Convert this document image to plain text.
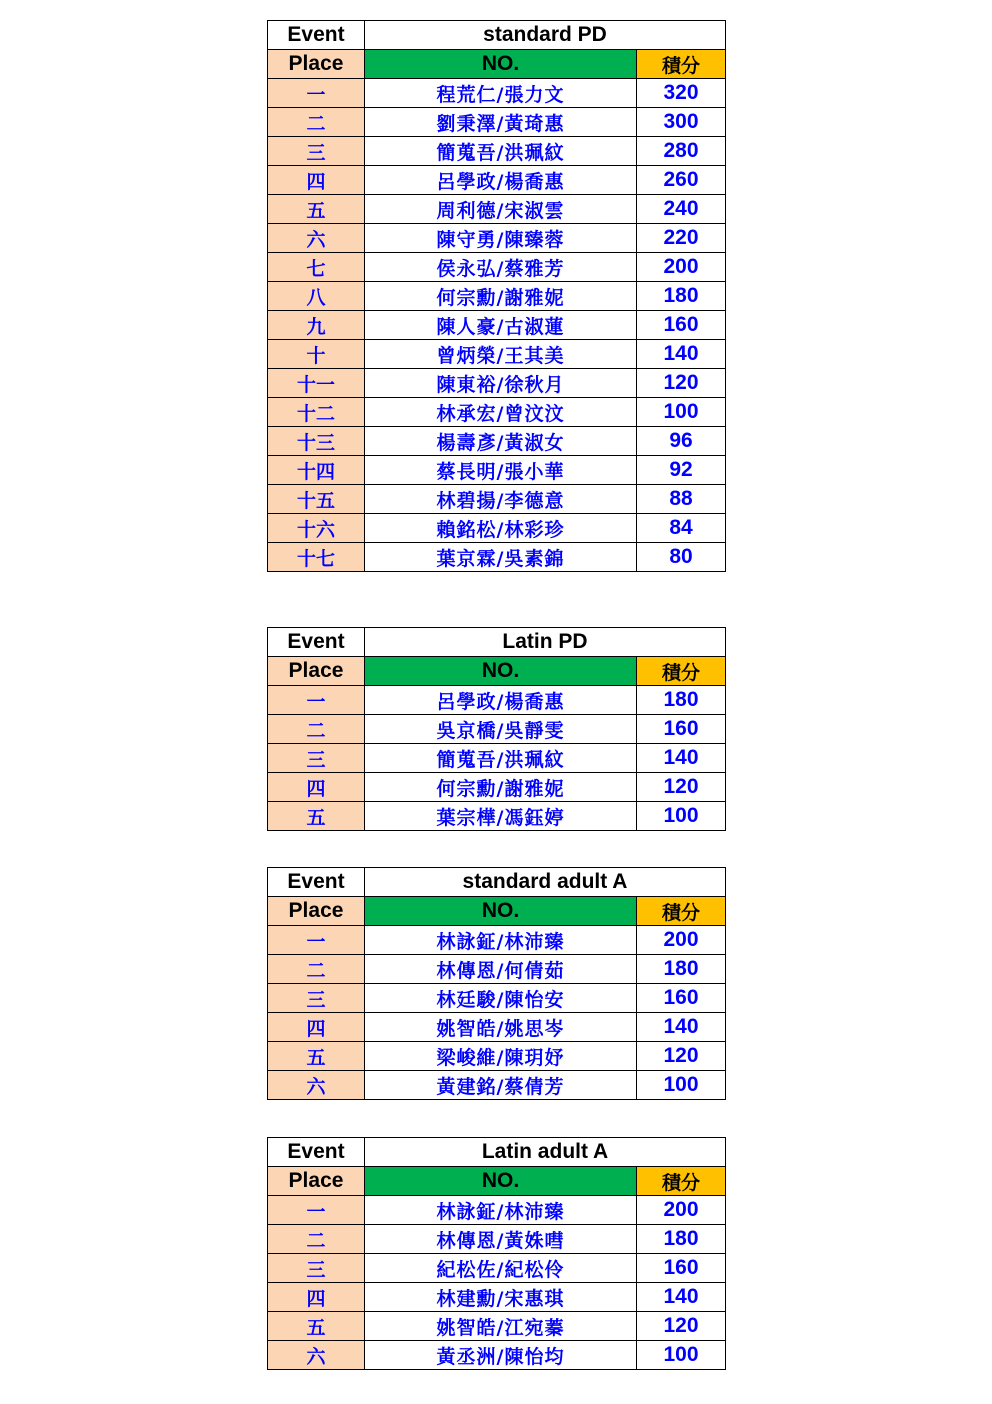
Event	standard PD	
Place	NO.	積分
一	程荒仁/張力文	320
二	劉秉澤/黃琦惠	300
三	簡蒐吾/洪珮紋	280
四	呂學政/楊喬惠	260
五	周利德/宋淑雲	240
六	陳守勇/陳臻蓉	220
七	侯永弘/蔡雅芳	200
八	何宗勳/謝雅妮	180
九	陳人豪/古淑蓮	160
十	曾炳榮/王其美	140
十一	陳東裕/徐秋月	120
十二	林承宏/曾汶汶	100
十三	楊壽彥/黃淑女	96
十四	蔡長明/張小華	92
十五	林碧揚/李德意	88
十六	賴銘松/林彩珍	84
十七	葉京霖/吳素錦	80
Event	Latin PD	
Place	NO.	積分
一	呂學政/楊喬惠	180
二	吳京橋/吳靜雯	160
三	簡蒐吾/洪珮紋	140
四	何宗勳/謝雅妮	120
五	葉宗樺/馮鈺婷	100
Event	standard adult A	
Place	NO.	積分
一	林詠鉦/林沛臻	200
二	林傳恩/何倩茹	180
三	林廷駿/陳怡安	160
四	姚智皓/姚思岑	140
五	梁峻維/陳玥妤	120
六	黃建銘/蔡倩芳	100
Event	Latin adult A	
Place	NO.	積分
一	林詠鉦/林沛臻	200
二	林傳恩/黃姝嘒	180
三	紀松佐/紀松伶	160
四	林建勳/宋惠琪	140
五	姚智皓/江宛蓁	120
六	黃丞洲/陳怡均	100
